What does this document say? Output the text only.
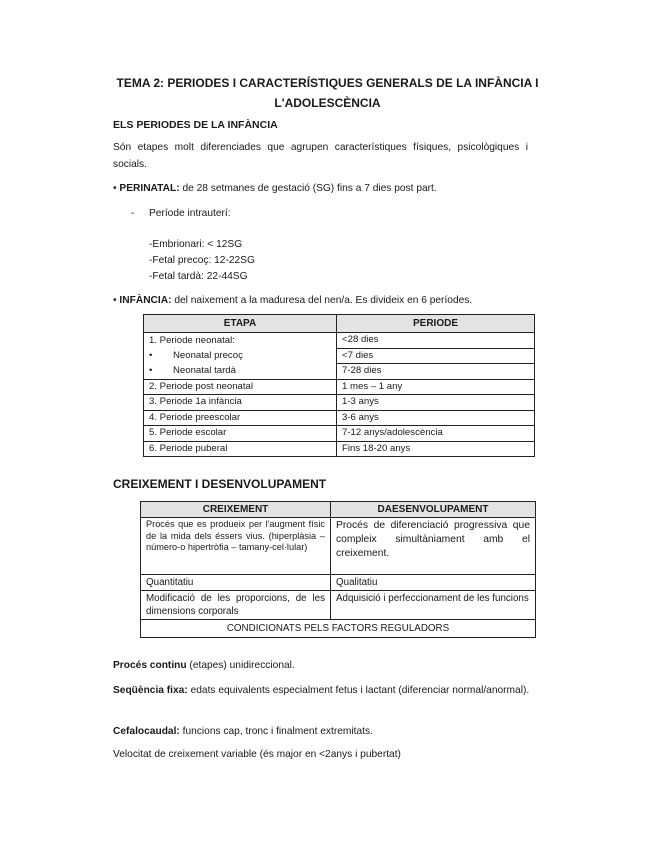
TEMA 2: PERIODES I CARACTERÍSTIQUES GENERALS DE LA INFÀNCIA I L'ADOLESCÈNCIA
ELS PERIODES DE LA INFÀNCIA
Són etapes molt diferenciades que agrupen característiques físiques, psicològiques i socials.
• PERINATAL: de 28 setmanes de gestació (SG) fins a 7 dies post part.
- Període intrauterí:
-Embrionari: < 12SG
-Fetal precoç: 12-22SG
-Fetal tardà: 22-44SG
• INFÀNCIA: del naixement a la maduresa del nen/a. Es divideix en 6 períodes.
ETAPA	PERIODE
1. Periode neonatal:	<28 dies
• Neonatal precoç	<7 dies
• Neonatal tardà	7-28 dies
2. Periode post neonatal	1 mes – 1 any
3. Periode 1a infància	1-3 anys
4. Periode preescolar	3-6 anys
5. Periode escolar	7-12 anys/adolescència
6. Periode puberal	Fins 18-20 anys
CREIXEMENT I DESENVOLUPAMENT
CREIXEMENT	DAESENVOLUPAMENT
Procés que es produeix per l'augment físic de la mida dels éssers vius. (hiperplàsia –número-o hipertròfia – tamany-cel·lular)	Procés de diferenciació progressiva que compleix simultàniament amb el creixement.
Quantitatiu	Qualitatiu
Modificació de les proporcions, de les dimensions corporals	Adquisició i perfeccionament de les funcions
CONDICIONATS PELS FACTORS REGULADORS	
Procés continu (etapes) unidireccional.
Seqüència fixa: edats equivalents especialment fetus i lactant (diferenciar normal/anormal).
Cefalocaudal: funcions cap, tronc i finalment extremitats.
Velocitat de creixement variable (és major en <2anys i pubertat)
